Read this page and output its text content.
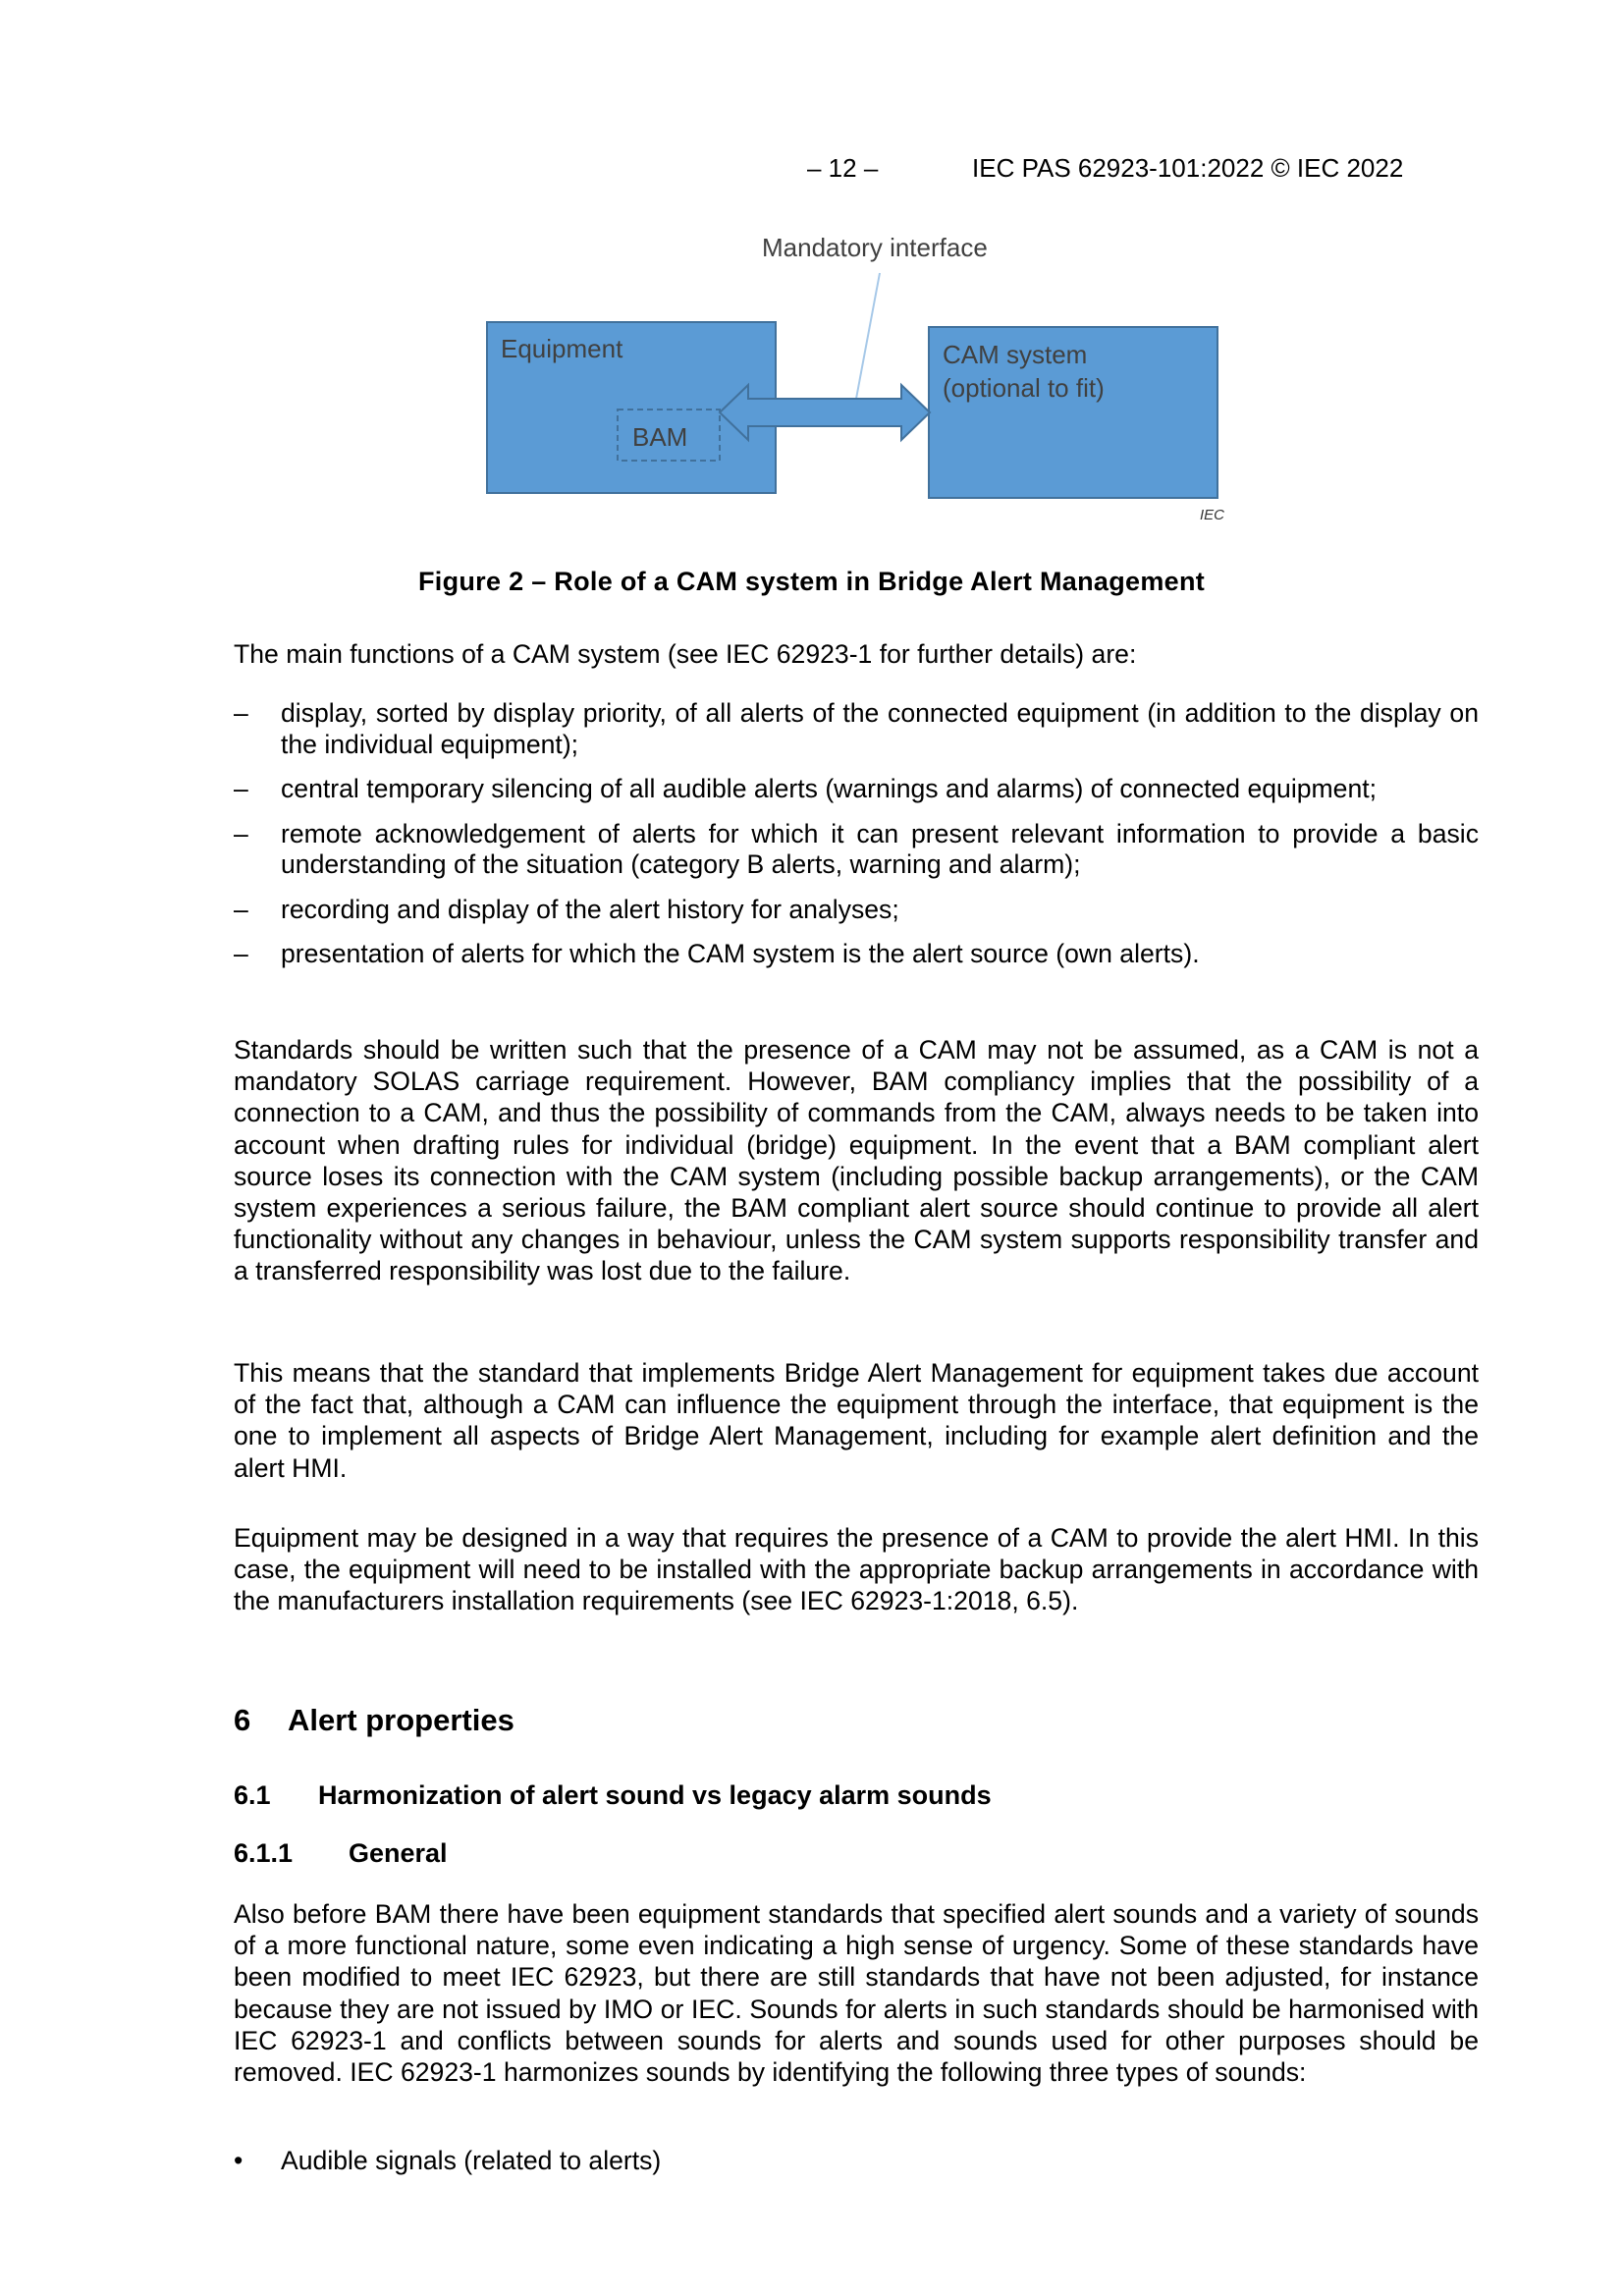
– 12 –	IEC PAS 62923-101:2022 © IEC 2022
Mandatory interface
Equipment
BAM
CAM system
(optional to fit)
IEC
Figure 2 – Role of a CAM system in Bridge Alert Management

The main functions of a CAM system (see IEC 62923-1 for further details) are:

– display, sorted by display priority, of all alerts of the connected equipment (in addition to the display on the individual equipment);
– central temporary silencing of all audible alerts (warnings and alarms) of connected equipment;
– remote acknowledgement of alerts for which it can present relevant information to provide a basic understanding of the situation (category B alerts, warning and alarm);
– recording and display of the alert history for analyses;
– presentation of alerts for which the CAM system is the alert source (own alerts).

Standards should be written such that the presence of a CAM may not be assumed, as a CAM is not a mandatory SOLAS carriage requirement. However, BAM compliancy implies that the possibility of a connection to a CAM, and thus the possibility of commands from the CAM, always needs to be taken into account when drafting rules for individual (bridge) equipment. In the event that a BAM compliant alert source loses its connection with the CAM system (including possible backup arrangements), or the CAM system experiences a serious failure, the BAM compliant alert source should continue to provide all alert functionality without any changes in behaviour, unless the CAM system supports responsibility transfer and a transferred responsibility was lost due to the failure.

This means that the standard that implements Bridge Alert Management for equipment takes due account of the fact that, although a CAM can influence the equipment through the interface, that equipment is the one to implement all aspects of Bridge Alert Management, including for example alert definition and the alert HMI.

Equipment may be designed in a way that requires the presence of a CAM to provide the alert HMI. In this case, the equipment will need to be installed with the appropriate backup arrangements in accordance with the manufacturers installation requirements (see IEC 62923-1:2018, 6.5).

6 Alert properties
6.1 Harmonization of alert sound vs legacy alarm sounds
6.1.1 General

Also before BAM there have been equipment standards that specified alert sounds and a variety of sounds of a more functional nature, some even indicating a high sense of urgency. Some of these standards have been modified to meet IEC 62923, but there are still standards that have not been adjusted, for instance because they are not issued by IMO or IEC. Sounds for alerts in such standards should be harmonised with IEC 62923-1 and conflicts between sounds for alerts and sounds used for other purposes should be removed. IEC 62923-1 harmonizes sounds by identifying the following three types of sounds:

• Audible signals (related to alerts)
